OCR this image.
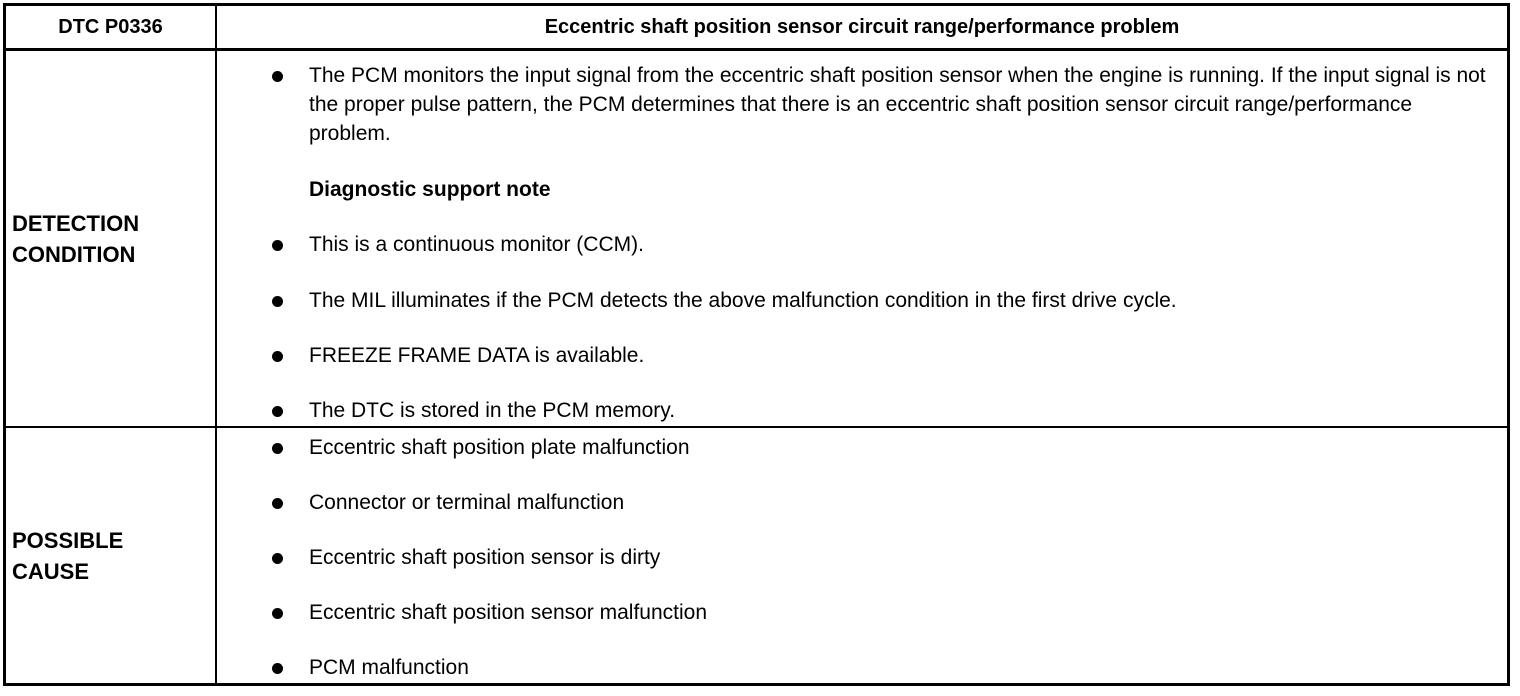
DTC P0336	Eccentric shaft position sensor circuit range/performance problem
DETECTION
CONDITION
The PCM monitors the input signal from the eccentric shaft position sensor when the engine is running. If the input signal is not the proper pulse pattern, the PCM determines that there is an eccentric shaft position sensor circuit range/performance problem.
Diagnostic support note
This is a continuous monitor (CCM).
The MIL illuminates if the PCM detects the above malfunction condition in the first drive cycle.
FREEZE FRAME DATA is available.
The DTC is stored in the PCM memory.
POSSIBLE
CAUSE
Eccentric shaft position plate malfunction
Connector or terminal malfunction
Eccentric shaft position sensor is dirty
Eccentric shaft position sensor malfunction
PCM malfunction
